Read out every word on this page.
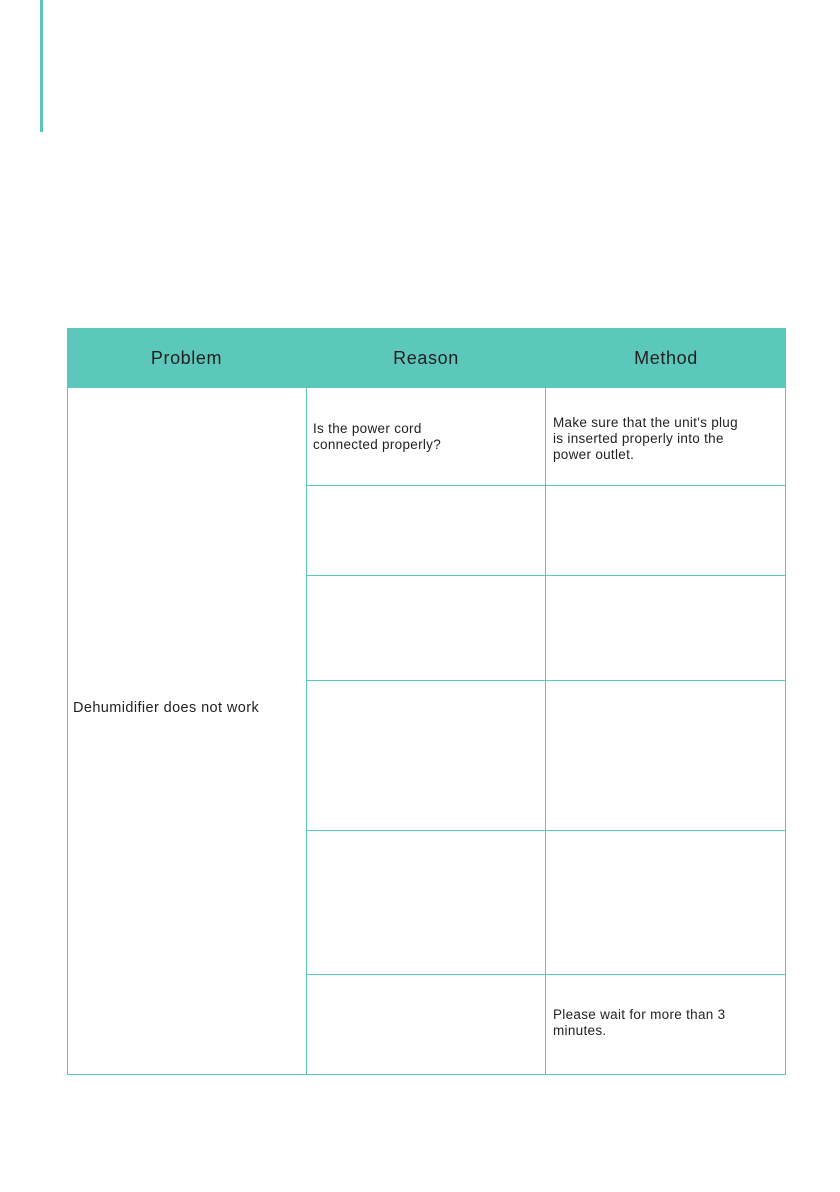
Problem	Reason	Method
Dehumidifier does not work
Is the power cord
connected properly?
Make sure that the unit's plug
is inserted properly into the
power outlet.
Please wait for more than 3
minutes.
